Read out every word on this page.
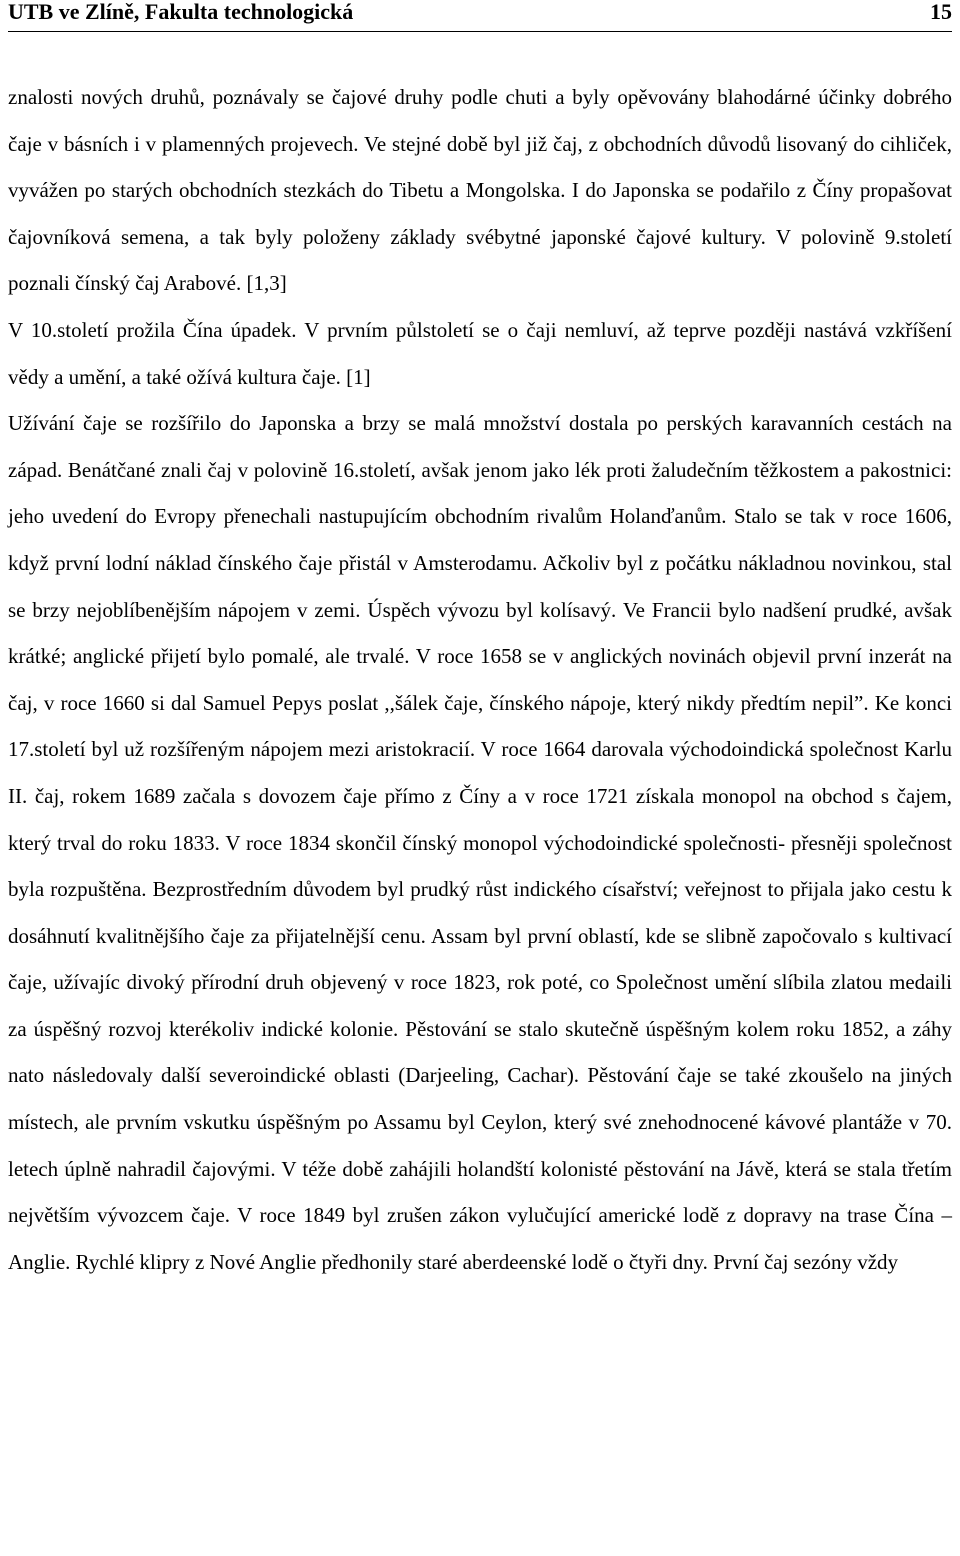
UTB ve Zlíně, Fakulta technologická	15

znalosti nových druhů, poznávaly se čajové druhy podle chuti a byly opěvovány blahodárné účinky dobrého čaje v básních i v plamenných projevech. Ve stejné době byl již čaj, z obchodních důvodů lisovaný do cihliček, vyvážen po starých obchodních stezkách do Tibetu a Mongolska. I do Japonska se podařilo z Číny propašovat čajovníková semena, a tak byly položeny základy svébytné japonské čajové kultury. V polovině 9.století poznali čínský čaj Arabové. [1,3]

V 10.století prožila Čína úpadek. V prvním půlstoletí se o čaji nemluví, až teprve později nastává vzkříšení vědy a umění, a také ožívá kultura čaje. [1]

Užívání čaje se rozšířilo do Japonska a brzy se malá množství dostala po perských karavanních cestách na západ. Benátčané znali čaj v polovině 16.století, avšak jenom jako lék proti žaludečním těžkostem a pakostnici: jeho uvedení do Evropy přenechali nastupujícím obchodním rivalům Holanďanům. Stalo se tak v roce 1606, když první lodní náklad čínského čaje přistál v Amsterodamu. Ačkoliv byl z počátku nákladnou novinkou, stal se brzy nejoblíbenějším nápojem v zemi. Úspěch vývozu byl kolísavý. Ve Francii bylo nadšení prudké, avšak krátké; anglické přijetí bylo pomalé, ale trvalé. V roce 1658 se v anglických novinách objevil první inzerát na čaj, v roce 1660 si dal Samuel Pepys poslat ,,šálek čaje, čínského nápoje, který nikdy předtím nepil”. Ke konci 17.století byl už rozšířeným nápojem mezi aristokracií. V roce 1664 darovala východoindická společnost Karlu II. čaj, rokem 1689 začala s dovozem čaje přímo z Číny a v roce 1721 získala monopol na obchod s čajem, který trval do roku 1833. V roce 1834 skončil čínský monopol východoindické společnosti- přesněji společnost byla rozpuštěna. Bezprostředním důvodem byl prudký růst indického císařství; veřejnost to přijala jako cestu k dosáhnutí kvalitnějšího čaje za přijatelnější cenu. Assam byl první oblastí, kde se slibně započovalo s kultivací čaje, užívajíc divoký přírodní druh objevený v roce 1823, rok poté, co Společnost umění slíbila zlatou medaili za úspěšný rozvoj kterékoliv indické kolonie. Pěstování se stalo skutečně úspěšným kolem roku 1852, a záhy nato následovaly další severoindické oblasti (Darjeeling, Cachar). Pěstování čaje se také zkoušelo na jiných místech, ale prvním vskutku úspěšným po Assamu byl Ceylon, který své znehodnocené kávové plantáže v 70. letech úplně nahradil čajovými. V téže době zahájili holandští kolonisté pěstování na Jávě, která se stala třetím největším vývozcem čaje. V roce 1849 byl zrušen zákon vylučující americké lodě z dopravy na trase Čína – Anglie. Rychlé klipry z Nové Anglie předhonily staré aberdeenské lodě o čtyři dny. První čaj sezóny vždy
